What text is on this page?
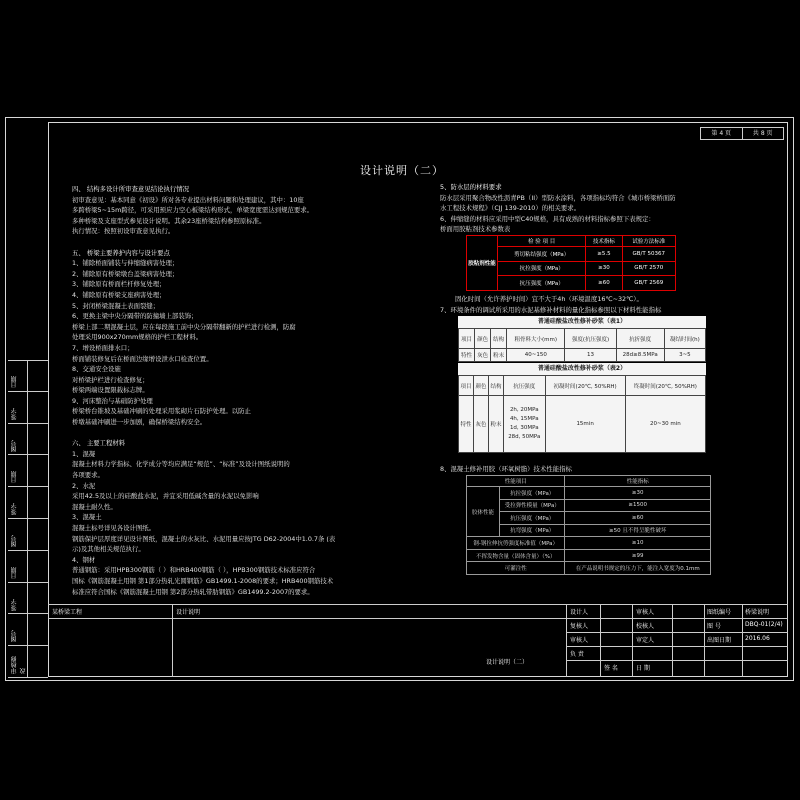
第 4 页	共 8 页
设计说明（二）
四、 结构多设计所审查意见结论执行情况
初审查意见：基本同意《初设》所对各专业提出材料问题和处理建议，其中：10座
多跨桥梁5~15m跨径，可采用预应力空心板梁结构形式，单梁宽度需达到规范要求。
多种桥梁及支座型式参见设计说明。其余23座桥梁结构参照原标准。
执行情况：按照初设审查意见执行。
五、 桥梁主要养护内容与设计要点
1、铺除桥面铺装与伸缩缝病害处理；
2、铺除原有桥梁墩台盖梁病害处理；
3、铺除原有桥面栏杆修复处理；
4、铺除原有桥梁支座病害处理；
5、封闭桥梁混凝土表面裂缝；
6、更换主梁中央分隔带的防撞墙上部装饰；
桥梁上部二期混凝土层，应在每段施工前中央分隔带翻新的护栏进行检测，防腐
处理采用900x270mm规格的护栏工程材料。
7、增设桥面排水口；
桥面铺装修复后在桥面边缘增设泄水口检查位置。
8、交通安全设施
对桥梁护栏进行检查修复；
桥梁两端设置限载标志牌。
9、河床整治与基础防护处理
桥梁桥台锥坡及基础冲刷的处理采用浆砌片石防护处理。以防止
桥墩基础冲刷进一步加剧，确保桥梁结构安全。
六、 主要工程材料
1、混凝
混凝土材料力学指标、化学成分等均应满足“规范”、“标准”及设计图纸说明的
各项要求。
2、水泥
采用42.5及以上的硅酸盐水泥，并宜采用低碱含量的水泥以免影响
混凝土耐久性。
3、混凝土
混凝土标号详见各设计图纸。
钢筋保护层厚度详见设计图纸，混凝土的水灰比、水泥用量应按JTG D62-2004中1.0.7条 (表
示)及其他相关规范执行。
4、钢材
普通钢筋：采用HPB300钢筋（ ）和HRB400钢筋（ ），HPB300钢筋技术标准应符合
国标《钢筋混凝土用钢 第1部分热轧光圆钢筋》GB1499.1-2008的要求；HRB400钢筋技术
标准应符合国标《钢筋混凝土用钢 第2部分热轧带肋钢筋》GB1499.2-2007的要求。
5、防水层的材料要求
防水层采用聚合物改性沥青PB（II）型防水涂料，各项指标均符合《城市桥梁桥面防
水工程技术规程》（CJJ 139-2010）的相关要求。
6、伸缩缝的材料应采用中型C40规格，具有成熟的材料指标参照下表规定：
桥面用胶粘剂技术参数表
胶粘剂性能	检 验 项 目	技术指标	试验方法标准
	剪切粘结强度（MPa）	≥5.5	GB/T 50367
	抗拉强度（MPa）	≥30	GB/T 2570
	抗压强度（MPa）	≥60	GB/T 2569
固化时间（允许养护时间）宜不大于4h（环境温度16℃~32℃）。
7、环境条件的调试所采用的水泥基修补材料的量化指标参照以下材料性能指标
普通硅酸盐改性修补砂浆（表1）
项目	颜色	结构	粗骨料大小(mm)	强度(抗压强度)	抗折强度	凝结时间(h)
特性	灰色	粉末	40~150	13	28d≥8.5MPa	3~5
普通硅酸盐改性修补砂浆（表2）
项目	颜色	结构	抗压强度	初凝时间(20℃, 50%RH)	终凝时间(20℃, 50%RH)
特性	灰色	粉末	2h, 20MPa
4h, 15MPa
1d, 30MPa
28d, 50MPa	15min	20~30 min
8、混凝土修补用胶（环氧树脂）技术性能指标
性能项目		性能指标
胶体性能	抗拉强度（MPa）	≥30
	受拉弹性模量（MPa）	≥1500
	抗压强度（MPa）	≥60
	抗弯强度（MPa）	≥50 且不得呈脆性破坏
钢-钢拉伸抗剪强度标准值（MPa）		≥10
不挥发物含量（固体含量）（%）		≥99
可灌注性		在产品说明书规定的压力下，能注入宽度为0.1mm
日期
签字
图号
日期
签字
图号
日期
签字
图号
审核修改
某桥梁工程	设计说明
设计说明（二）
设计人
复核人
审核人
负 责
签 名
审核人
校核人
审定人
日 期
图纸编号 桥梁说明
图 号	DBQ-01(2/4)
出图日期 2016.06
